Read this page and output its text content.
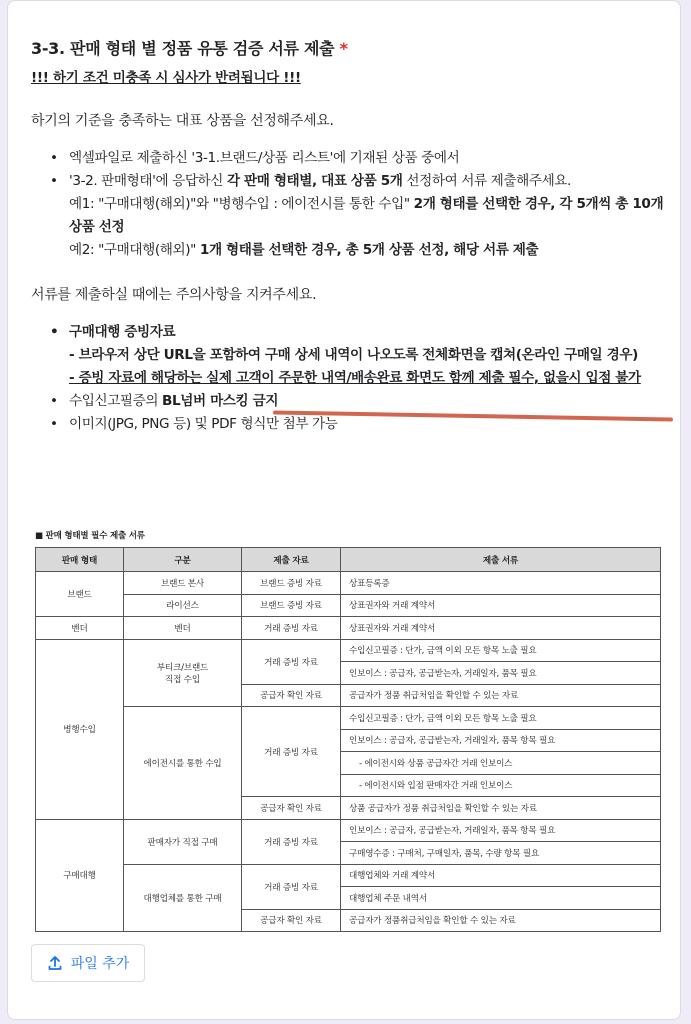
3-3. 판매 형태 별 정품 유통 검증 서류 제출 *
!!! 하기 조건 미충족 시 심사가 반려됩니다 !!!
하기의 기준을 충족하는 대표 상품을 선정해주세요.
• 엑셀파일로 제출하신 '3-1.브랜드/상품 리스트'에 기재된 상품 중에서
• '3-2. 판매형태'에 응답하신 각 판매 형태별, 대표 상품 5개 선정하여 서류 제출해주세요.
예1: "구매대행(해외)"와 "병행수입 : 에이전시를 통한 수입" 2개 형태를 선택한 경우, 각 5개씩 총 10개 상품 선정
예2: "구매대행(해외)" 1개 형태를 선택한 경우, 총 5개 상품 선정, 해당 서류 제출
서류를 제출하실 때에는 주의사항을 지켜주세요.
• 구매대행 증빙자료
- 브라우저 상단 URL을 포함하여 구매 상세 내역이 나오도록 전체화면을 캡쳐(온라인 구매일 경우)
- 증빙 자료에 해당하는 실제 고객이 주문한 내역/배송완료 화면도 함께 제출 필수, 없을시 입점 불가
• 수입신고필증의 BL넘버 마스킹 금지
• 이미지(JPG, PNG 등) 및 PDF 형식만 첨부 가능
■ 판매 형태별 필수 제출 서류
판매 형태	구분	제출 자료	제출 서류
브랜드	브랜드 본사	브랜드 증빙 자료	상표등록증
	라이선스	브랜드 증빙 자료	상표권자와 거래 계약서
벤더	벤더	거래 증빙 자료	상표권자와 거래 계약서
병행수입	부티크/브랜드
직접 수입	거래 증빙 자료	수입신고필증 : 단가, 금액 이외 모든 항목 노출 필요
			인보이스 : 공급자, 공급받는자, 거래일자, 품목 필요
		공급자 확인 자료	공급자가 정품 취급처임을 확인할 수 있는 자료
	에이전시를 통한 수입	거래 증빙 자료	수입신고필증 : 단가, 금액 이외 모든 항목 노출 필요
			인보이스 : 공급자, 공급받는자, 거래일자, 품목 항목 필요
			- 에이전시와 상품 공급자간 거래 인보이스
			- 에이전시와 입점 판매자간 거래 인보이스
		공급자 확인 자료	상품 공급자가 정품 취급처임을 확인할 수 있는 자료
구매대행	판매자가 직접 구매	거래 증빙 자료	인보이스 : 공급자, 공급받는자, 거래일자, 품목 항목 필요
			구매영수증 : 구매처, 구매일자, 품목, 수량 항목 필요
	대행업체를 통한 구매	거래 증빙 자료	대행업체와 거래 계약서
			대행업체 주문 내역서
		공급자 확인 자료	공급자가 정품취급처임을 확인할 수 있는 자료
파일 추가
